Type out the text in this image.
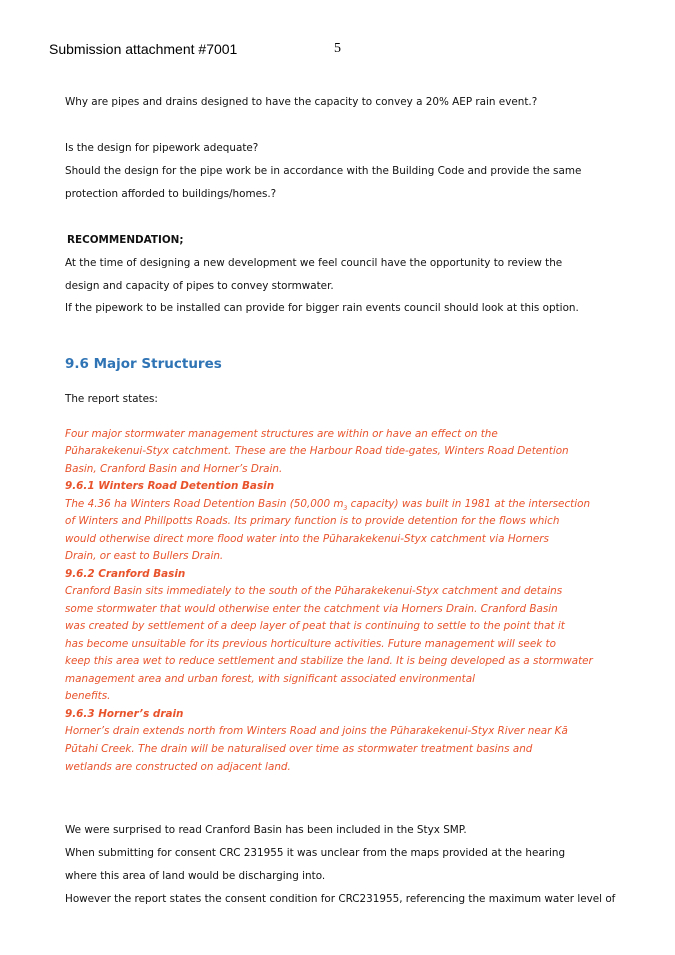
Submission attachment #7001	5
Why are pipes and drains designed to have the capacity to convey a 20% AEP rain event.?
Is the design for pipework adequate?
Should the design for the pipe work be in accordance with the Building Code and provide the same
protection afforded to buildings/homes.?
RECOMMENDATION;
At the time of designing a new development we feel council have the opportunity to review the
design and capacity of pipes to convey stormwater.
If the pipework to be installed can provide for bigger rain events council should look at this option.
9.6 Major Structures
The report states:
Four major stormwater management structures are within or have an effect on the
Pūharakekenui-Styx catchment. These are the Harbour Road tide-gates, Winters Road Detention
Basin, Cranford Basin and Horner’s Drain.
9.6.1 Winters Road Detention Basin
The 4.36 ha Winters Road Detention Basin (50,000 $m_3$ capacity) was built in 1981 at the intersection
of Winters and Phillpotts Roads. Its primary function is to provide detention for the flows which
would otherwise direct more flood water into the Pūharakekenui-Styx catchment via Horners
Drain, or east to Bullers Drain.
9.6.2 Cranford Basin
Cranford Basin sits immediately to the south of the Pūharakekenui-Styx catchment and detains
some stormwater that would otherwise enter the catchment via Horners Drain. Cranford Basin
was created by settlement of a deep layer of peat that is continuing to settle to the point that it
has become unsuitable for its previous horticulture activities. Future management will seek to
keep this area wet to reduce settlement and stabilize the land. It is being developed as a stormwater
management area and urban forest, with significant associated environmental
benefits.
9.6.3 Horner’s drain
Horner’s drain extends north from Winters Road and joins the Pūharakekenui-Styx River near Kā
Pūtahi Creek. The drain will be naturalised over time as stormwater treatment basins and
wetlands are constructed on adjacent land.
We were surprised to read Cranford Basin has been included in the Styx SMP.
When submitting for consent CRC 231955 it was unclear from the maps provided at the hearing
where this area of land would be discharging into.
However the report states the consent condition for CRC231955, referencing the maximum water level of
